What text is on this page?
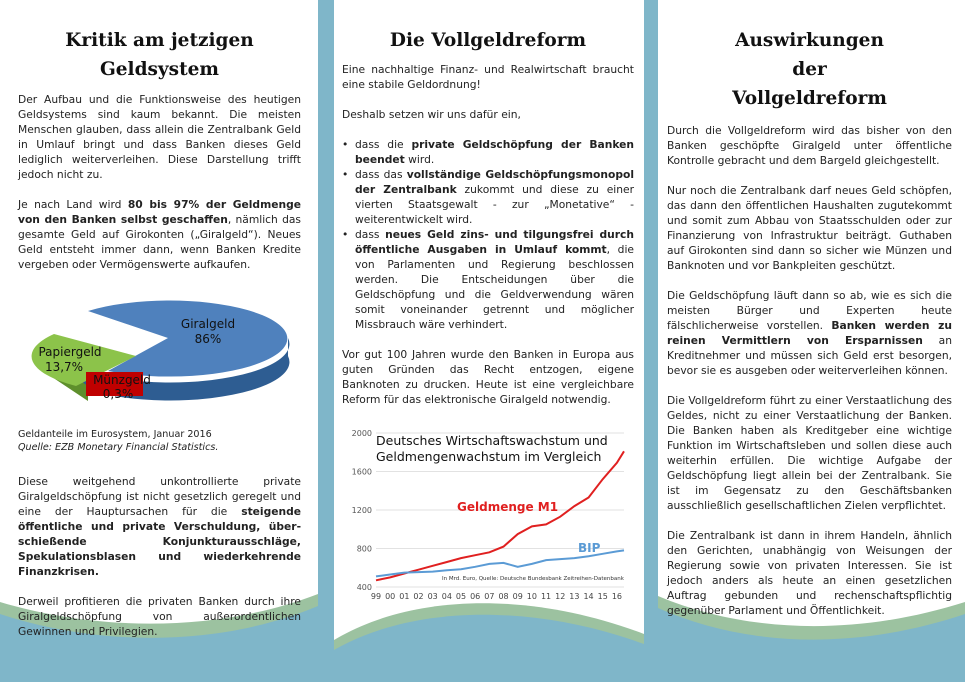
Kritik am jetzigen Geldsystem

Der Aufbau und die Funktionsweise des heutigen Geldsystems sind kaum bekannt. Die meisten Menschen glauben, dass allein die Zentralbank Geld in Umlauf bringt und dass Banken dieses Geld lediglich weiterverleihen. Diese Darstellung trifft jedoch nicht zu.

Je nach Land wird 80 bis 97% der Geldmenge von den Banken selbst geschaffen, nämlich das gesamte Geld auf Girokonten („Giralgeld“). Neues Geld entsteht immer dann, wenn Banken Kredite vergeben oder Vermögenswerte aufkaufen.

Giralgeld
86%
Papiergeld
13,7%
Münzgeld
0,3%
Geldanteile im Eurosystem, Januar 2016
Quelle: EZB Monetary Financial Statistics.

Diese weitgehend unkontrollierte private Giralgeldschöpfung ist nicht gesetzlich geregelt und eine der Hauptursachen für die steigende öffentliche und private Verschuldung, überschießende Konjunkturausschläge, Spekulationsblasen und wiederkehrende Finanzkrisen.

Derweil profitieren die privaten Banken durch ihre Giralgeldschöpfung von außerordentlichen Gewinnen und Privilegien.

Die Vollgeldreform

Eine nachhaltige Finanz- und Realwirtschaft braucht eine stabile Geldordnung!

Deshalb setzen wir uns dafür ein,

• dass die private Geldschöpfung der Banken beendet wird.
• dass das vollständige Geldschöpfungsmonopol der Zentralbank zukommt und diese zu einer vierten Staatsgewalt - zur „Monetative“ - weiterentwickelt wird.
• dass neues Geld zins- und tilgungsfrei durch öffentliche Ausgaben in Umlauf kommt, die von Parlamenten und Regierung beschlossen werden. Die Entscheidungen über die Geldschöpfung und die Geldverwendung wären somit voneinander getrennt und möglicher Missbrauch wäre verhindert.

Vor gut 100 Jahren wurde den Banken in Europa aus guten Gründen das Recht entzogen, eigene Banknoten zu drucken. Heute ist eine vergleichbare Reform für das elektronische Giralgeld notwendig.

400
800
1200
1600
2000
99 00 01 02 03 04 05 06 07 08 09 10 11 12 13 14 15 16
Deutsches Wirtschaftswachstum und
Geldmengenwachstum im Vergleich
Geldmenge M1
BIP
In Mrd. Euro, Quelle: Deutsche Bundesbank Zeitreihen-Datenbank
Auswirkungen der Vollgeldreform

Durch die Vollgeldreform wird das bisher von den Banken geschöpfte Giralgeld unter öffentliche Kontrolle gebracht und dem Bargeld gleichgestellt.

Nur noch die Zentralbank darf neues Geld schöpfen, das dann den öffentlichen Haushalten zugutekommt und somit zum Abbau von Staatsschulden oder zur Finanzierung von Infrastruktur beiträgt. Guthaben auf Girokonten sind dann so sicher wie Münzen und Banknoten und vor Bankpleiten geschützt.

Die Geldschöpfung läuft dann so ab, wie es sich die meisten Bürger und Experten heute fälschlicherweise vorstellen. Banken werden zu reinen Vermittlern von Ersparnissen an Kreditnehmer und müssen sich Geld erst besorgen, bevor sie es ausgeben oder weiterverleihen können.

Die Vollgeldreform führt zu einer Verstaatlichung des Geldes, nicht zu einer Verstaatlichung der Banken. Die Banken haben als Kreditgeber eine wichtige Funktion im Wirtschaftsleben und sollen diese auch weiterhin erfüllen. Die wichtige Aufgabe der Geldschöpfung liegt allein bei der Zentralbank. Sie ist im Gegensatz zu den Geschäftsbanken ausschließlich gesellschaftlichen Zielen verpflichtet.

Die Zentralbank ist dann in ihrem Handeln, ähnlich den Gerichten, unabhängig von Weisungen der Regierung sowie von privaten Interessen. Sie ist jedoch anders als heute an einen gesetzlichen Auftrag gebunden und rechenschaftspflichtig gegenüber Parlament und Öffentlichkeit.
